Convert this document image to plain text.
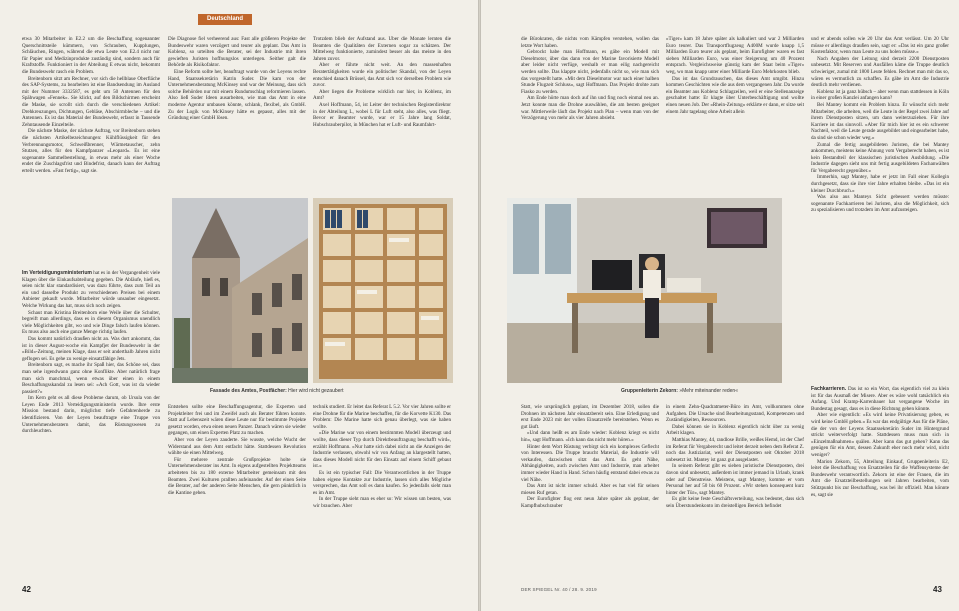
Deutschland

etwa 30 Mitarbeiter in E2.2 um die Beschaffung sogenannter Querschnittsteile kümmern, von Schrauben, Kupplungen, Schläuchen, Ringen, während die etwa Leute von E2.4 nicht nur für Papier und Medizinprodukte zuständig sind, sondern auch für Kraftstoffe. Funktioniert in der Abteilung E etwas nicht, bekommt die Bundeswehr rasch ein Problem.

Breitenborn sitzt am Rechner, vor sich die hellblaue Oberfläche des SAP-Systems, zu bearbeiten ist eine Bandsendung im Ausland mit der Nummer 3332587, es geht um 50 Antennen für den Spähwagen »Fennek«. Sie klickt, auf den Bildschirmen erscheint die Maske, sie scrollt sich durch die verschiedenen Artikel: Drehkreuzungen, Dichtungen, Gebläse, Abschirmbleche – und die Antennen. Es ist das Material der Bundeswehr, erfasst in Tausende Zehntausende Einzelteile.

Die nächste Maske, der nächste Auftrag, vor Breitenborn stehen die nächsten Artikelbezeichnungen: Kühlflüssigkeit für den Verbrennungsmotor, Schweißbrenner, Wärmetauscher, zehn Stutzen, alles für den Kampfpanzer »Leopard«. Es ist eine sogenannte Sammelbestellung, in etwas mehr als einer Woche endet die Zuschlagsfrist und Bindefrist, danach kann der Auftrag erteilt werden. »Fast fertig«, sagt sie.

Im Verteidigungsministerium hat es in der Vergangenheit viele Klagen über die Einkaufsabteilung gegeben. Die Abläufe, hieß es, seien nicht klar standardisiert, was dazu führte, dass zum Teil an ein und dasselbe Produkt zu verschiedenen Preisen bei einem Anbieter gekauft wurde. Mitarbeiter würde unsauber eingesetzt. Welche Wirkung das hat, muss sich noch zeigen.

Schaut man Kristina Breitenborn eine Weile über die Schulter, begreift man allerdings, dass es in diesem Organismus unendlich viele Möglichkeiten gibt, wo und wie Dinge falsch laufen können. Es muss also auch eine ganze Menge richtig laufen.

Das kommt natürlich draußen nicht an. Was dort ankommt, das ist in dieser August-woche ein Kampfjet der Bundeswehr in der »Bild«-Zeitung, meinen Klage, dass er seit anderthalb Jahren nicht geflogen sei. Es gehe zu wenige einsatzfähige Jets.

Breitenborn sagt, es mache ihr Spaß hier, das Schöne sei, dass man sehe irgendwann ganz ohne Konflikte. Aber natürlich frage man sich manchmal, wenn etwas über einen in einem Beschaffungsskandal zu lesen sei: »Ach Gott, was ist da wieder passiert?«

Im Kern geht es all diese Probleme darum, ob Ursula von der Leyen Ende 2013 Verteidigungsministerin wurde. Ihre erste Mission bestand darin, möglichst tiefe Gefahrenherde zu identifizieren. Von der Leyen beauftragte eine Truppe von Unternehmensberatern damit, das Rüstungswesen zu durchleuchten.

Die Diagnose fiel verheerend aus: Fast alle größeren Projekte der Bundeswehr waren verzögert und teurer als geplant. Das Amt in Koblenz, so urteilten die Berater, sei der Industrie mit ihren gewieften Juristen hoffnungslos unterlegen. Seither galt die Behörde als Risikofaktor.

Eine Reform sollte her, beauftragt wurde von der Leyens rechte Hand, Staatssekretärin Katrin Suder. Die kam von der Unternehmensberatung McKinsey und war der Meinung, dass sich solche Behörden nur mit einem Rundumschlag reformieren lassen. Also ließ Suder Ideen ausarbeiten, wie man das Amt in eine moderne Agentur umbauen könnte, schlank, flexibel, als GmbH. Zu der Logik von McKinsey hätte es gepasst, alles mit der Gründung einer GmbH lösen.

Trotzdem blieb der Aufstand aus. Über die Monate lernten die Beamten die Qualitäten der Externen sogar zu schätzen. Der Mittelweg funktionierte, zumindest besser als das meiste in den Jahren zuvor.

Aber er führte nicht weit. An den massenhaften Beratertätigkeiten wurde ein politischer Skandal, von der Leyen entschied danach Brüssel, das Amt sich vor derselben Problem wie zuvor.

Aber liegen die Probleme wirklich nur hier, in Koblenz, im Amt?

Axel Hoffmann, 54, ist Leiter der technischen Registerdirektor in der Abteilung L, wobei L für Luft steht, also alles, was fliegt. Bevor er Beamter wurde, war er 15 Jahre lang Soldat, Hubschrauberpilot, in München hat er Luft- und Raumfahrt-

Fassade des Amtes, Postfächer: Hier wird nicht gezaubert

Entstehen sollte eine Beschaffungsagentur, die Experten und Projektleiter frei und im Zweifel auch als Berater führen konnte. Statt auf Lebenszeit wären diese Leute nur für bestimmte Projekte gesetzt worden, etwa einen neuen Panzer. Danach wären sie wieder gegangen, um einen Experten Platz zu machen.

Aber von der Leyen zauderte. Sie wusste, welche Wucht der Widerstand aus dem Amt entfacht hätte. Stattdessen Revolution wählte sie einen Mittelweg.

Für mehrere zentrale Großprojekte holte sie Unternehmensberater ins Amt. In eigens aufgestellten Projektteams arbeiteten bis zu 180 externe Mitarbeiter gemeinsam mit den Beamten. Zwei Kulturen prallten aufeinander. Auf der einen Seite die Berater, auf der anderen Seite Menschen, die gern pünktlich in die Kantine gehen.

technik studiert. Er leitet das Referat L 5.2. Vor vier Jahren sollte er eine Drohne für die Marine beschaffen, für die Korvette K130. Das Problem: Die Marine hatte sich genau überlegt, was sie haben wollte.

»Die Marine war von einem bestimmten Modell überzeugt und wollte, dass dieser Typ durch Direktbeauftragung beschafft wird«, erzählt Hoffmann. »Nur hatte sich dabei nicht an die Anzeigen der Industrie verlassen, obwohl wir von Anfang an klargestellt hatten, dass dieses Modell nicht für den Einsatz auf einem Schiff gebaut ist.«

Es ist ein typischer Fall: Die Verantwortlichen in der Truppe haben eigene Kontakte zur Industrie, lassen sich alles Mögliche versprechen, das Amt soll es dann kaufen. So jedenfalls sieht man es im Amt.

In der Truppe sieht man es eher so: Wir wissen um besten, was wir brauchen. Aber

42

die Bürokraten, die nichts vom Kämpfen verstehen, wollen das letzte Wort haben.

Gebrockt habe man Hoffmann, es gäbe ein Modell mit Dieselmotor, über das dann von der Marine favorisierte Modell aber leider nicht verfüge, weshalb er man eilig nachgereicht werden sollte. Das klappte nicht, jedenfalls nicht so, wie man sich das vorgestellt hatte. »Mit dem Dieselmotor war nach einer halben Stunde Flugzeit Schluss«, sagt Hoffmann. Das Projekt drohte zum Fiasko zu werden.

Am Ende hörte man doch auf ihn und fing noch einmal neu an. Jetzt konnte man die Drohne auswählen, die am besten geeignet war. Mittlerweile läuft das Projekt nach Plan – wenn man von der Verzögerung von mehr als vier Jahren absieht.

»Tiger« kam 18 Jahre später als kalkuliert und war 2 Milliarden Euro teurer. Das Transportflugzeug A400M wurde knapp 1,5 Milliarden Euro teurer als geplant, beim Eurofighter waren es fast sieben Milliarden Euro, was einer Steigerung um 40 Prozent entsprach. Vergleichsweise günstig kam der Staat beim »Tiger« weg, wo man knapp unter einer Milliarde Euro Mehrkosten blieb.

Das ist das Grundrauschen, das dieses Amt umgibt. Hinzu kommen Geschichten wie die aus dem vergangenen Jahr. Da wurde ein Beamter aus Koblenz Schlagzeilen, weil er eine Stellenanzeige geschaltet hatte: Er klagte über Unterbeschäftigung und wollte einen neuen Job. Der »Rhein-Zeitung« erklärte er dann, er sitze seit einem Jahr tagelang ohne Arbeit allein

Gruppenleiterin Zekorn: »Mehr miteinander reden«

Statt, wie ursprünglich geplant, im Dezember 2018, sollen die Drohnen im nächsten Jahr einsatzbereit sein. Eine Erledigung und erst Ende 2023 mit der vollen Einsatzreife bereitstehen. Wenn es gut läuft.

»Und dann heißt es am Ende wieder: Koblenz kriegt es nicht hin«, sagt Hoffmann. »Ich kann das nicht mehr hören.«

Hinter dem Wort Rüstung verbirgt sich ein komplexes Geflecht von Interessen. Die Truppe braucht Material, die Industrie will verkaufen, dazwischen sitzt das Amt. Es geht Nähe, Abhängigkeiten, auch zwischen Amt und Industrie, man arbeitet immer wieder Hand in Hand. Schon häufig entstand dabei etwas zu viel Nähe.

Das Amt ist nicht immer schuld. Aber es hat viel für seinen miesen Ruf getan.

Der Eurofighter flog erst neun Jahre später als geplant, der Kampfhubschrauber

in einem Zehn-Quadratmeter-Büro im Amt, vollkommen ohne Aufgaben. Die Ursache sind Bearbeitungsstand, Kompetenzen und Zuständigkeiten, Ressourcen.

Dabei können sie in Koblenz eigentlich nicht über zu wenig Arbeit klagen.

Matthias Mantey, 44, randlose Brille, weißes Hemd, ist der Chef im Referat für Vergaberecht und leitet derzeit neben dem Referat Z. noch das Justiziariat, weil der Dienstposten seit Oktober 2018 unbesetzt ist. Mantey ist ganz gut ausgelastet.

In seinem Referat gibt es sieben juristische Dienstposten, drei davon sind unbesetzt, außerdem ist immer jemand in Urlaub, krank oder auf Dienstreise. Meistens, sagt Mantey, komme er vom Personal her auf 50 bis 60 Prozent. »Wir stehen konsequent kurz hinter der Tür«, sagt Mantey.

Es gibt keine feste Geschäftsverteilung, was bedeutet, dass sich sein Überstundenkonto im dreistelligen Bereich befindet

und er abends sollen wie 20 Uhr das Amt verlässt. Um 20 Uhr müsse er allerdings draußen sein, sagt er: »Das ist ein ganz großer Kostenfaktor, wenn man Leute zu uns holen müsse.«

Nach Angaben der Leitung sind derzeit 2200 Dienstposten unbesetzt. Mit Reserven und Ausfällen käme die Truppe deutlich schwieriger, zumal mit 1800 Leute fehlen. Rechnet man mit das so, wären es vermutlich zu schaffen. Es gäbe im Amt die Industrie deutlich mehr verdienen.

Koblenz ist ja ganz hübsch – aber wenn man stattdessen in Köln in einer großen Kanzlei anfangen kann?

Bei Mantey kommt ein Problem hinzu. Er wünscht sich mehr Mitarbeiter, die arbeiten, weil die Leute in der Regel zwei Jahre auf ihrem Dienstposten sitzen, um dann weiterzuziehen. Für ihre Karriere ist das sinnvoll. »Aber für mich hier ist es ein schwerer Nachteil, weil die Leute gerade ausgebildet und eingearbeitet habe, da sind sie schon wieder weg.«

Zumal die fertig ausgebildeten Juristen, die bei Mantey ankommen, meistens keine Ahnung vom Vergaberecht haben, es ist kein Bestandteil der klassischen juristischen Ausbildung. »Die Industrie dagegen sieht uns mit fertig ausgebildeten Fachanwälten für Vergaberecht gegenüber.«

Immerhin, sagt Mantey, habe er jetzt im Fall einer Kollegin durchgesetzt, dass sie ihre vier Jahre erhalten bleibe. »Das ist ein kleiner Durchbruch.«

Was also aus Manteys Sicht gebessert werden müsste: sogenannte Fachkarrieren bei Juristen, also die Möglichkeit, sich zu spezialisieren und trotzdem im Amt aufzusteigen.

Fachkarrieren. Das ist so ein Wort, das eigentlich viel zu klein ist für das Ausmaß der Misere. Aber es wäre wohl tatsächlich ein Anfang. Und Kramp-Karrenbauer hat vergangene Woche im Bundestag gesagt, dass es in diese Richtung gehen könnte.

Aber wie eigentlich: »Es wird keine Privatisierung geben, es wird keine GmbH geben.« Es war das endgültige Aus für die Pläne, die der von der Leyens Staatssekretärin Suder im Hintergrund strickt weiterverfolgt hatte. Stattdessen muss man sich in »Einzelmaßnahmen« quälen. Aber kann das gut gehen? Kann das genügen für ein Amt, dessen Zukunft eher noch mehr wird, nicht weniger?

Marion Zekorn, 55, Abteilung Einkauf, Gruppenleiterin E2, leitet die Beschaffung von Ersatzteilen für die Waffensysteme der Bundeswehr verantwortlich. Zekorn ist eine der Frauen, die im Amt die Ersatzteilbestellungen seit Jahren bearbeiten, vom Stützpunkt bis zur Beschaffung, was bei ihr offiziell. Man könnte es, sagt sie

DER SPIEGEL Nr. 40 / 28. 9. 2019	43
